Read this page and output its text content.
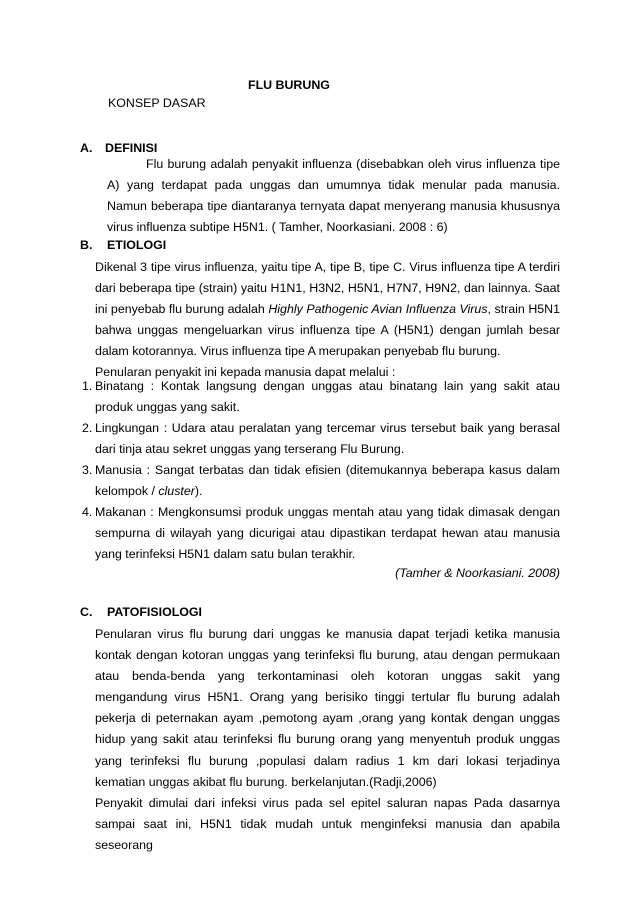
FLU BURUNG
KONSEP DASAR
A. DEFINISI

Flu burung adalah penyakit influenza (disebabkan oleh virus influenza tipe A) yang terdapat pada unggas dan umumnya tidak menular pada manusia. Namun beberapa tipe diantaranya ternyata dapat menyerang manusia khususnya virus influenza subtipe H5N1. ( Tamher, Noorkasiani. 2008 : 6)

B. ETIOLOGI

Dikenal 3 tipe virus influenza, yaitu tipe A, tipe B, tipe C. Virus influenza tipe A terdiri dari beberapa tipe (strain) yaitu H1N1, H3N2, H5N1, H7N7, H9N2, dan lainnya. Saat ini penyebab flu burung adalah Highly Pathogenic Avian Influenza Virus, strain H5N1 bahwa unggas mengeluarkan virus influenza tipe A (H5N1) dengan jumlah besar dalam kotorannya. Virus influenza tipe A merupakan penyebab flu burung.

Penularan penyakit ini kepada manusia dapat melalui :

1. Binatang : Kontak langsung dengan unggas atau binatang lain yang sakit atau produk unggas yang sakit.
2. Lingkungan : Udara atau peralatan yang tercemar virus tersebut baik yang berasal dari tinja atau sekret unggas yang terserang Flu Burung.
3. Manusia : Sangat terbatas dan tidak efisien (ditemukannya beberapa kasus dalam kelompok / cluster).
4. Makanan : Mengkonsumsi produk unggas mentah atau yang tidak dimasak dengan sempurna di wilayah yang dicurigai atau dipastikan terdapat hewan atau manusia yang terinfeksi H5N1 dalam satu bulan terakhir.
(Tamher & Noorkasiani. 2008)
C. PATOFISIOLOGI

Penularan virus flu burung dari unggas ke manusia dapat terjadi ketika manusia kontak dengan kotoran unggas yang terinfeksi flu burung, atau dengan permukaan atau benda-benda yang terkontaminasi oleh kotoran unggas sakit yang mengandung virus H5N1. Orang yang berisiko tinggi tertular flu burung adalah pekerja di peternakan ayam ,pemotong ayam ,orang yang kontak dengan unggas hidup yang sakit atau terinfeksi flu burung orang yang menyentuh produk unggas yang terinfeksi flu burung ,populasi dalam radius 1 km dari lokasi terjadinya kematian unggas akibat flu burung. berkelanjutan.(Radji,2006)

Penyakit dimulai dari infeksi virus pada sel epitel saluran napas Pada dasarnya sampai saat ini, H5N1 tidak mudah untuk menginfeksi manusia dan apabila seseorang
